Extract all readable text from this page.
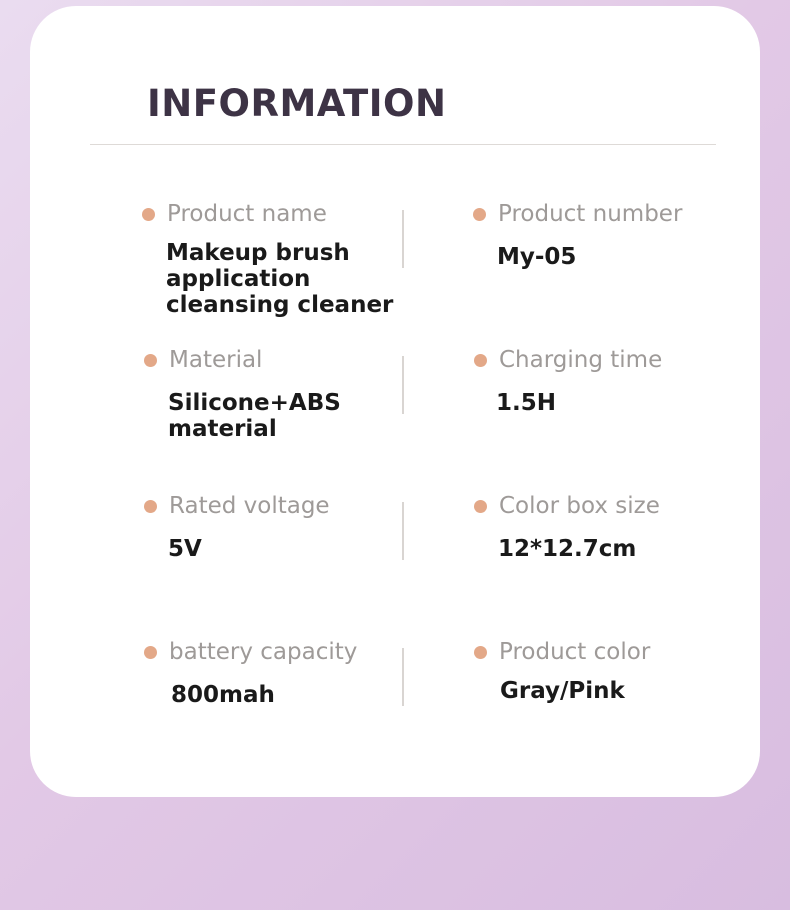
INFORMATION
Product name
Makeup brush
application
cleansing cleaner
Product number
My-05
Material
Silicone+ABS
material
Charging time
1.5H
Rated voltage
5V
Color box size
12*12.7cm
battery capacity
800mah
Product color
Gray/Pink
